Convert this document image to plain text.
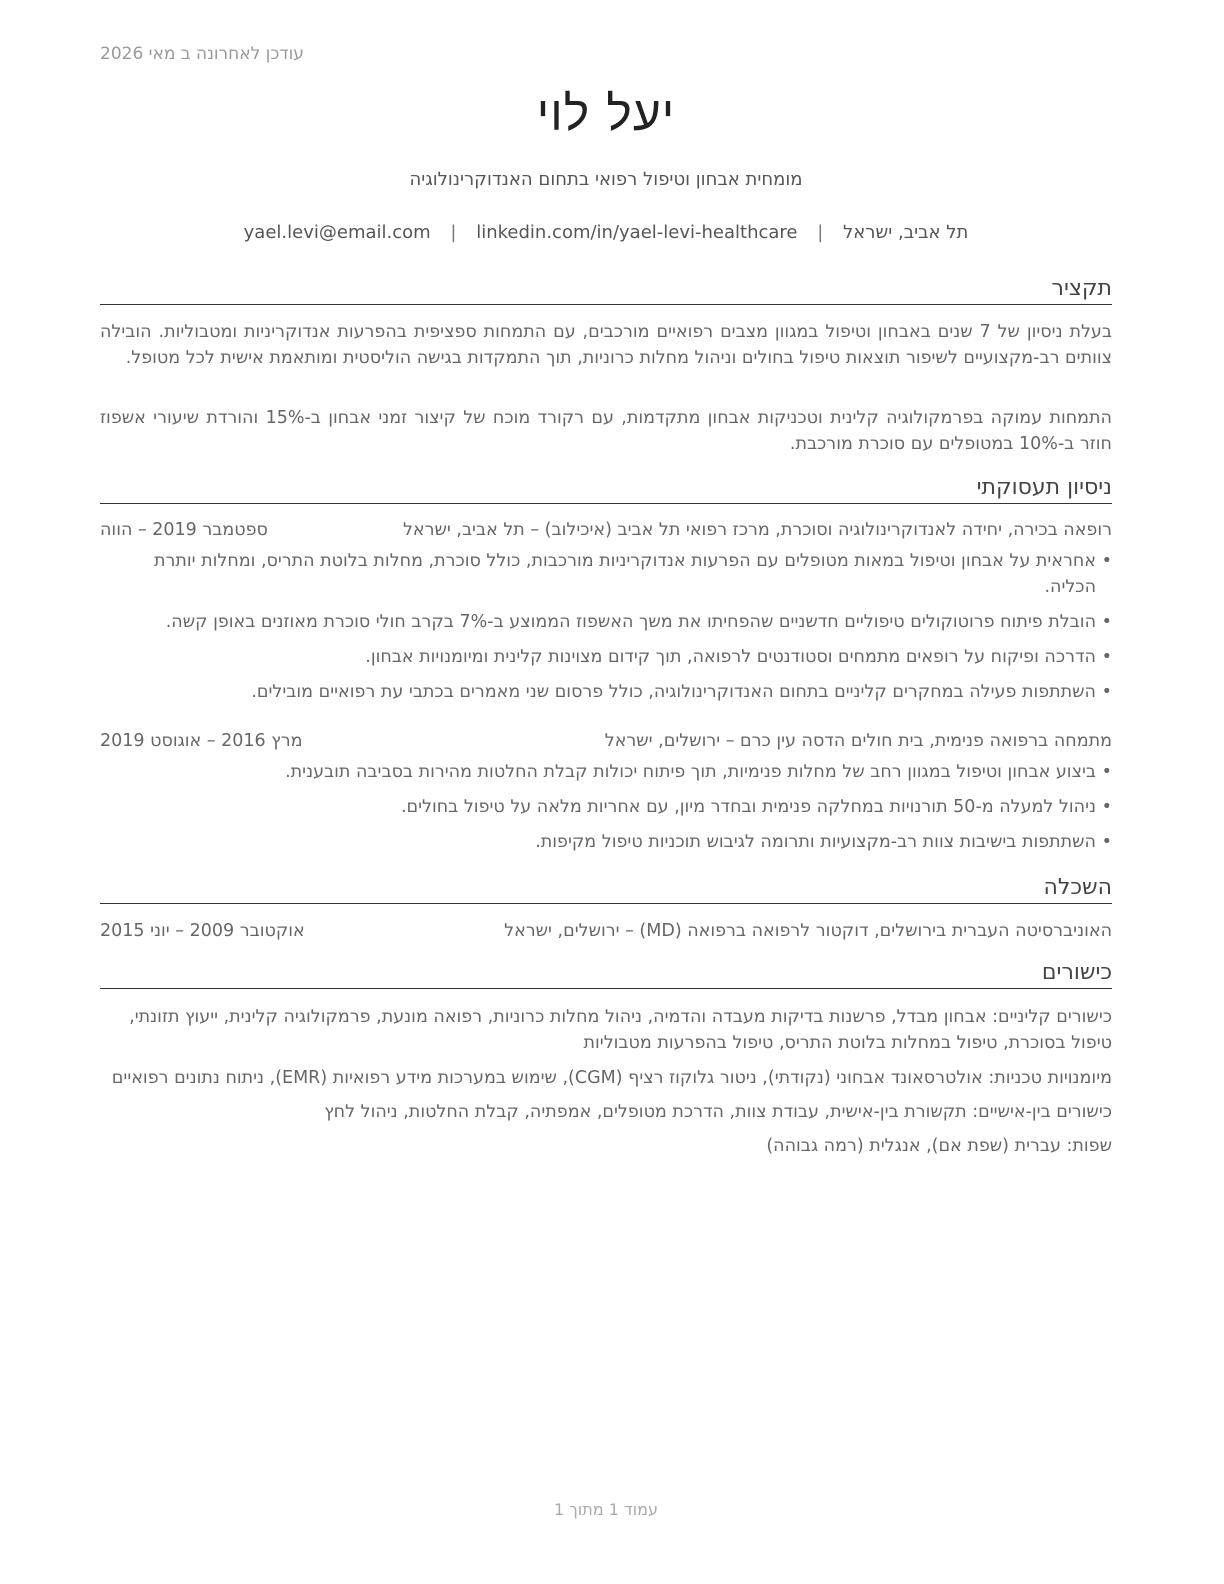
עודכן לאחרונה ב מאי 2026
יעל לוי
מומחית אבחון וטיפול רפואי בתחום האנדוקרינולוגיה
תל אביב, ישראל | yael.levi@email.com | linkedin.com/in/yael-levi-healthcare
תקציר
בעלת ניסיון של 7 שנים באבחון וטיפול במגוון מצבים רפואיים מורכבים, עם התמחות ספציפית בהפרעות אנדוקריניות ומטבוליות. הובילה צוותים רב-מקצועיים לשיפור תוצאות טיפול בחולים וניהול מחלות כרוניות, תוך התמקדות בגישה הוליסטית ומותאמת אישית לכל מטופל.
התמחות עמוקה בפרמקולוגיה קלינית וטכניקות אבחון מתקדמות, עם רקורד מוכח של קיצור זמני אבחון ב-15% והורדת שיעורי אשפוז חוזר ב-10% במטופלים עם סוכרת מורכבת.
ניסיון תעסוקתי
רופאה בכירה, יחידה לאנדוקרינולוגיה וסוכרת, מרכז רפואי תל אביב (איכילוב) – תל אביב, ישראל
ספטמבר 2019 – הווה
• אחראית על אבחון וטיפול במאות מטופלים עם הפרעות אנדוקריניות מורכבות, כולל סוכרת, מחלות בלוטת התריס, ומחלות יותרת הכליה.
• הובלת פיתוח פרוטוקולים טיפוליים חדשניים שהפחיתו את משך האשפוז הממוצע ב-7% בקרב חולי סוכרת מאוזנים באופן קשה.
• הדרכה ופיקוח על רופאים מתמחים וסטודנטים לרפואה, תוך קידום מצוינות קלינית ומיומנויות אבחון.
• השתתפות פעילה במחקרים קליניים בתחום האנדוקרינולוגיה, כולל פרסום שני מאמרים בכתבי עת רפואיים מובילים.
מתמחה ברפואה פנימית, בית חולים הדסה עין כרם – ירושלים, ישראל
מרץ 2016 – אוגוסט 2019
• ביצוע אבחון וטיפול במגוון רחב של מחלות פנימיות, תוך פיתוח יכולות קבלת החלטות מהירות בסביבה תובענית.
• ניהול למעלה מ-50 תורנויות במחלקה פנימית ובחדר מיון, עם אחריות מלאה על טיפול בחולים.
• השתתפות בישיבות צוות רב-מקצועיות ותרומה לגיבוש תוכניות טיפול מקיפות.
השכלה
האוניברסיטה העברית בירושלים, דוקטור לרפואה ברפואה (MD) – ירושלים, ישראל
אוקטובר 2009 – יוני 2015
כישורים
כישורים קליניים: אבחון מבדל, פרשנות בדיקות מעבדה והדמיה, ניהול מחלות כרוניות, רפואה מונעת, פרמקולוגיה קלינית, ייעוץ תזונתי, טיפול בסוכרת, טיפול במחלות בלוטת התריס, טיפול בהפרעות מטבוליות
מיומנויות טכניות: אולטרסאונד אבחוני (נקודתי), ניטור גלוקוז רציף (CGM), שימוש במערכות מידע רפואיות (EMR), ניתוח נתונים רפואיים
כישורים בין-אישיים: תקשורת בין-אישית, עבודת צוות, הדרכת מטופלים, אמפתיה, קבלת החלטות, ניהול לחץ
שפות: עברית (שפת אם), אנגלית (רמה גבוהה)
עמוד 1 מתוך 1
